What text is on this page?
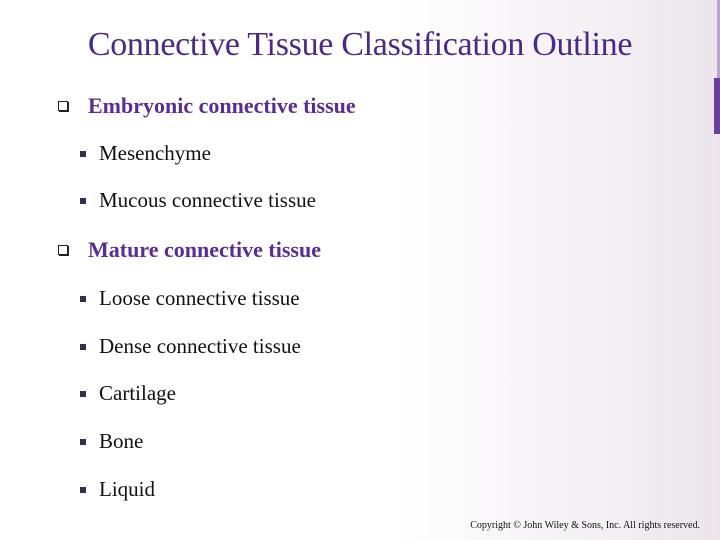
Connective Tissue Classification Outline
Embryonic connective tissue
Mesenchyme
Mucous connective tissue
Mature connective tissue
Loose connective tissue
Dense connective tissue
Cartilage
Bone
Liquid
Copyright © John Wiley & Sons, Inc. All rights reserved.
